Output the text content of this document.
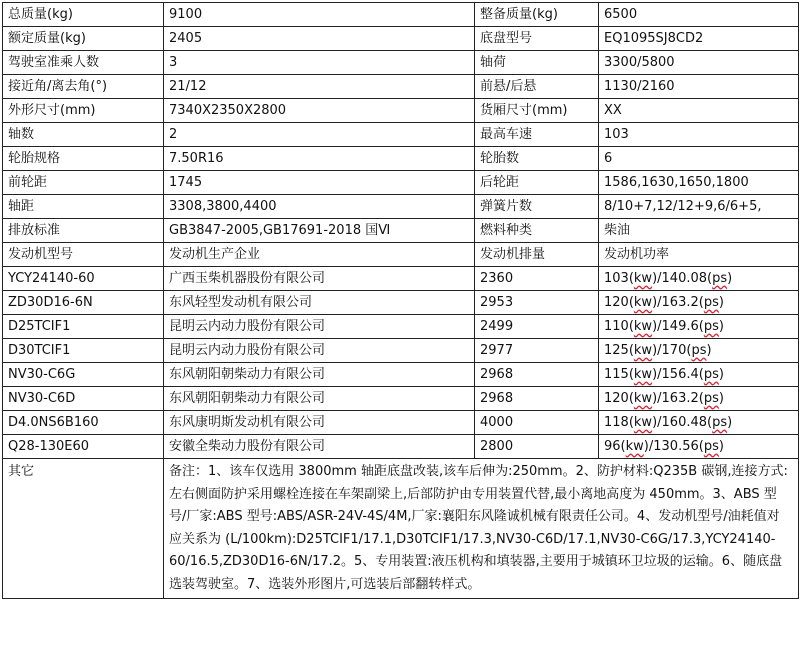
总质量(kg)	9100	整备质量(kg)	6500
额定质量(kg)	2405	底盘型号	EQ1095SJ8CD2
驾驶室准乘人数	3	轴荷	3300/5800
接近角/离去角(°)	21/12	前悬/后悬	1130/2160
外形尺寸(mm)	7340X2350X2800	货厢尺寸(mm)	XX
轴数	2	最高车速	103
轮胎规格	7.50R16	轮胎数	6
前轮距	1745	后轮距	1586,1630,1650,1800
轴距	3308,3800,4400	弹簧片数	8/10+7,12/12+9,6/6+5,
排放标准	GB3847-2005,GB17691-2018 国Ⅵ	燃料种类	柴油
发动机型号	发动机生产企业	发动机排量	发动机功率
YCY24140-60	广西玉柴机器股份有限公司	2360	103(kw)/140.08(ps)
ZD30D16-6N	东风轻型发动机有限公司	2953	120(kw)/163.2(ps)
D25TCIF1	昆明云内动力股份有限公司	2499	110(kw)/149.6(ps)
D30TCIF1	昆明云内动力股份有限公司	2977	125(kw)/170(ps)
NV30-C6G	东风朝阳朝柴动力有限公司	2968	115(kw)/156.4(ps)
NV30-C6D	东风朝阳朝柴动力有限公司	2968	120(kw)/163.2(ps)
D4.0NS6B160	东风康明斯发动机有限公司	4000	118(kw)/160.48(ps)
Q28-130E60	安徽全柴动力股份有限公司	2800	96(kw)/130.56(ps)
其它	备注：1、该车仅选用 3800mm 轴距底盘改装,该车后伸为:250mm。2、防护材料:Q235B 碳钢,连接方式:左右侧面防护采用螺栓连接在车架副梁上,后部防护由专用装置代替,最小离地高度为 450mm。3、ABS 型号/厂家:ABS 型号:ABS/ASR-24V-4S/4M,厂家:襄阳东风隆诚机械有限责任公司。4、发动机型号/油耗值对应关系为 (L/100km):D25TCIF1/17.1,D30TCIF1/17.3,NV30-C6D/17.1,NV30-C6G/17.3,YCY24140-60/16.5,ZD30D16-6N/17.2。5、专用装置:液压机构和填装器,主要用于城镇环卫垃圾的运输。6、随底盘选装驾驶室。7、选装外形图片,可选装后部翻转样式。		
